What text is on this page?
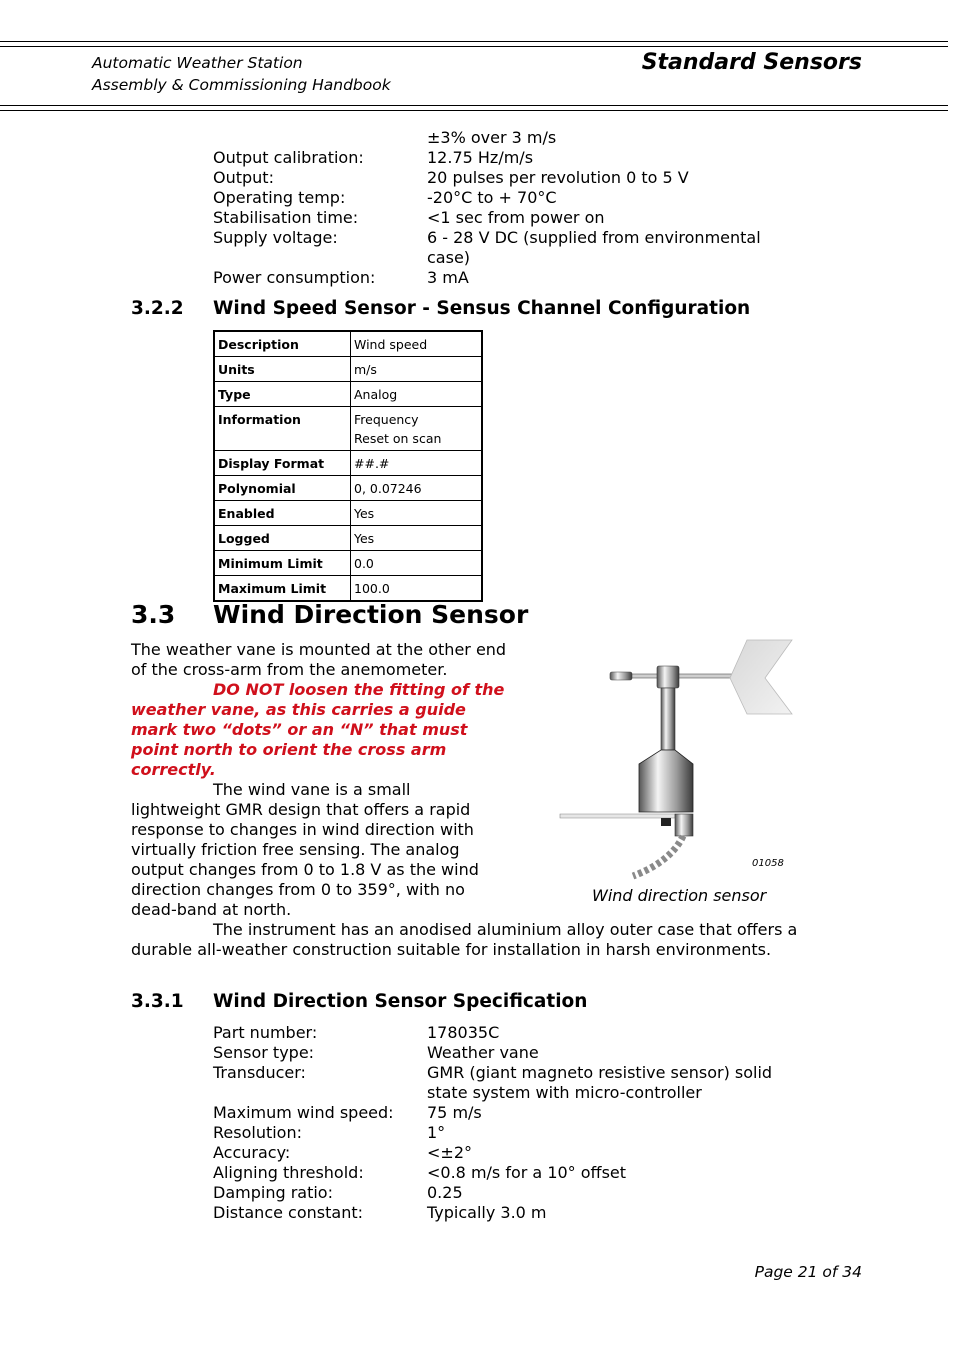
Automatic Weather Station
Assembly & Commissioning Handbook
Standard Sensors
±3% over 3 m/s
Output calibration:	12.75 Hz/m/s
Output:	20 pulses per revolution 0 to 5 V
Operating temp:	-20°C to + 70°C
Stabilisation time:	<1 sec from power on
Supply voltage:	6 - 28 V DC (supplied from environmental case)
Power consumption:	3 mA
3.2.2 Wind Speed Sensor - Sensus Channel Configuration
Description	Wind speed
Units	m/s
Type	Analog
Information	Frequency
Reset on scan

Display Format	##.#
Polynomial	0, 0.07246
Enabled	Yes
Logged	Yes
Minimum Limit	0.0
Maximum Limit	100.0
3.3 Wind Direction Sensor
The weather vane is mounted at the other end of the cross-arm from the anemometer.
DO NOT loosen the fitting of the weather vane, as this carries a guide mark two “dots” or an “N” that must point north to orient the cross arm correctly.
The wind vane is a small lightweight GMR design that offers a rapid response to changes in wind direction with virtually friction free sensing. The analog output changes from 0 to 1.8 V as the wind direction changes from 0 to 359°, with no dead-band at north.
The instrument has an anodised aluminium alloy outer case that offers a durable all-weather construction suitable for installation in harsh environments.
01058
Wind direction sensor
3.3.1 Wind Direction Sensor Specification
Part number:	178035C
Sensor type:	Weather vane
Transducer:	GMR (giant magneto resistive sensor) solid state system with micro-controller
Maximum wind speed:	75 m/s
Resolution:	1°
Accuracy:	<±2°
Aligning threshold:	<0.8 m/s for a 10° offset
Damping ratio:	0.25
Distance constant:	Typically 3.0 m
Page 21 of 34
